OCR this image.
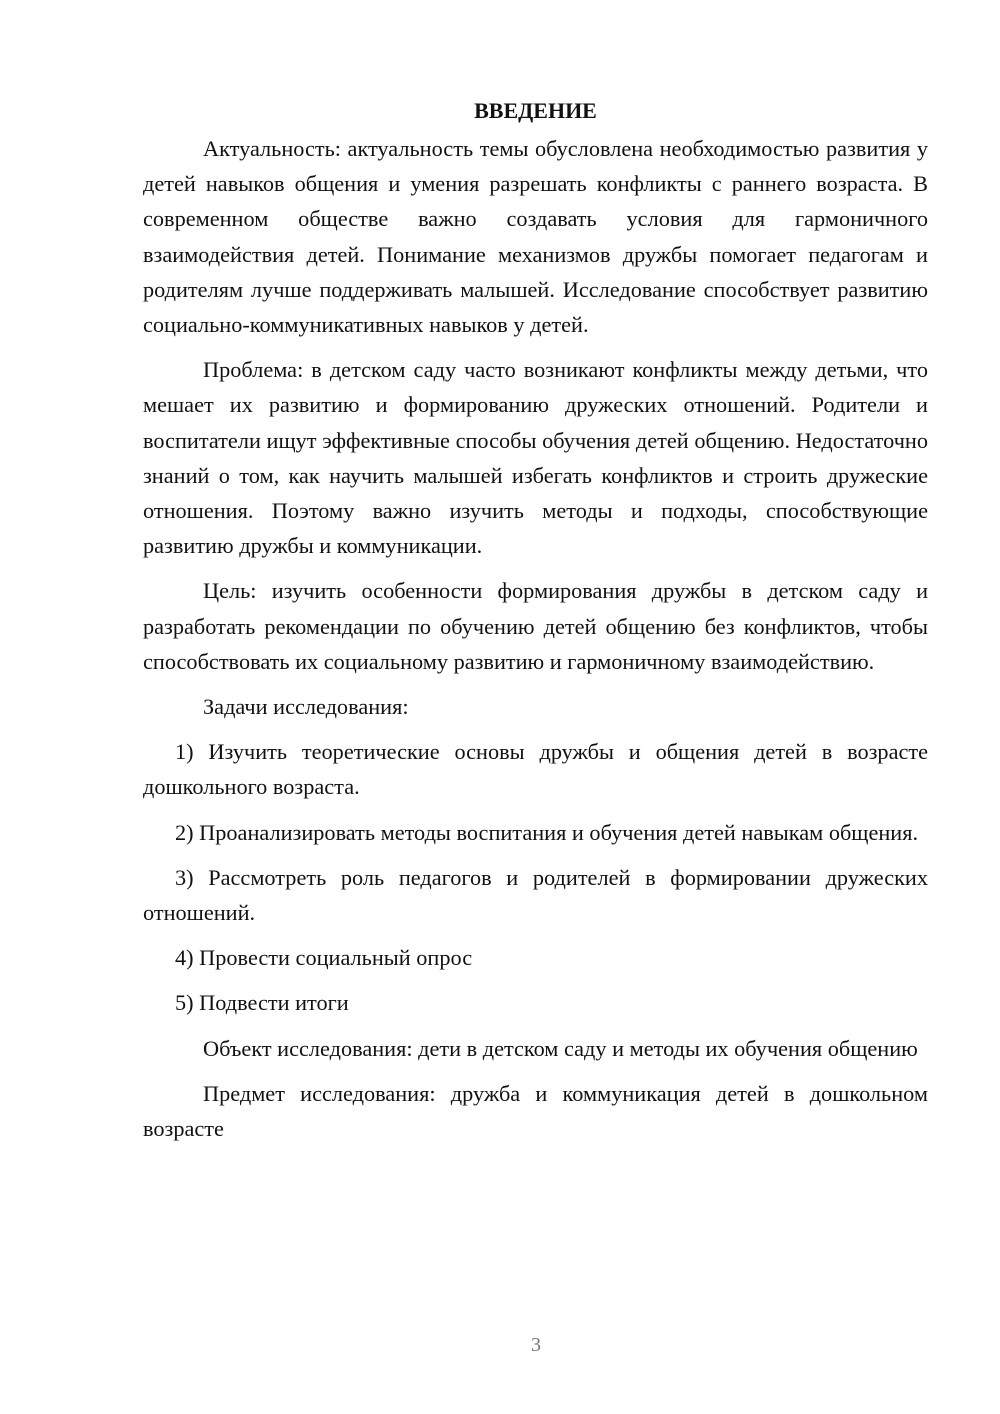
ВВЕДЕНИЕ

Актуальность: актуальность темы обусловлена необходимостью развития у детей навыков общения и умения разрешать конфликты с раннего возраста. В современном обществе важно создавать условия для гармоничного взаимодействия детей. Понимание механизмов дружбы помогает педагогам и родителям лучше поддерживать малышей. Исследование способствует развитию социально-коммуникативных навыков у детей.

Проблема: в детском саду часто возникают конфликты между детьми, что мешает их развитию и формированию дружеских отношений. Родители и воспитатели ищут эффективные способы обучения детей общению. Недостаточно знаний о том, как научить малышей избегать конфликтов и строить дружеские отношения. Поэтому важно изучить методы и подходы, способствующие развитию дружбы и коммуникации.

Цель: изучить особенности формирования дружбы в детском саду и разработать рекомендации по обучению детей общению без конфликтов, чтобы способствовать их социальному развитию и гармоничному взаимодействию.

Задачи исследования:

1) Изучить теоретические основы дружбы и общения детей в возрасте дошкольного возраста.

2) Проанализировать методы воспитания и обучения детей навыкам общения.

3) Рассмотреть роль педагогов и родителей в формировании дружеских отношений.

4) Провести социальный опрос

5) Подвести итоги

Объект исследования: дети в детском саду и методы их обучения общению

Предмет исследования: дружба и коммуникация детей в дошкольном возрасте

3
